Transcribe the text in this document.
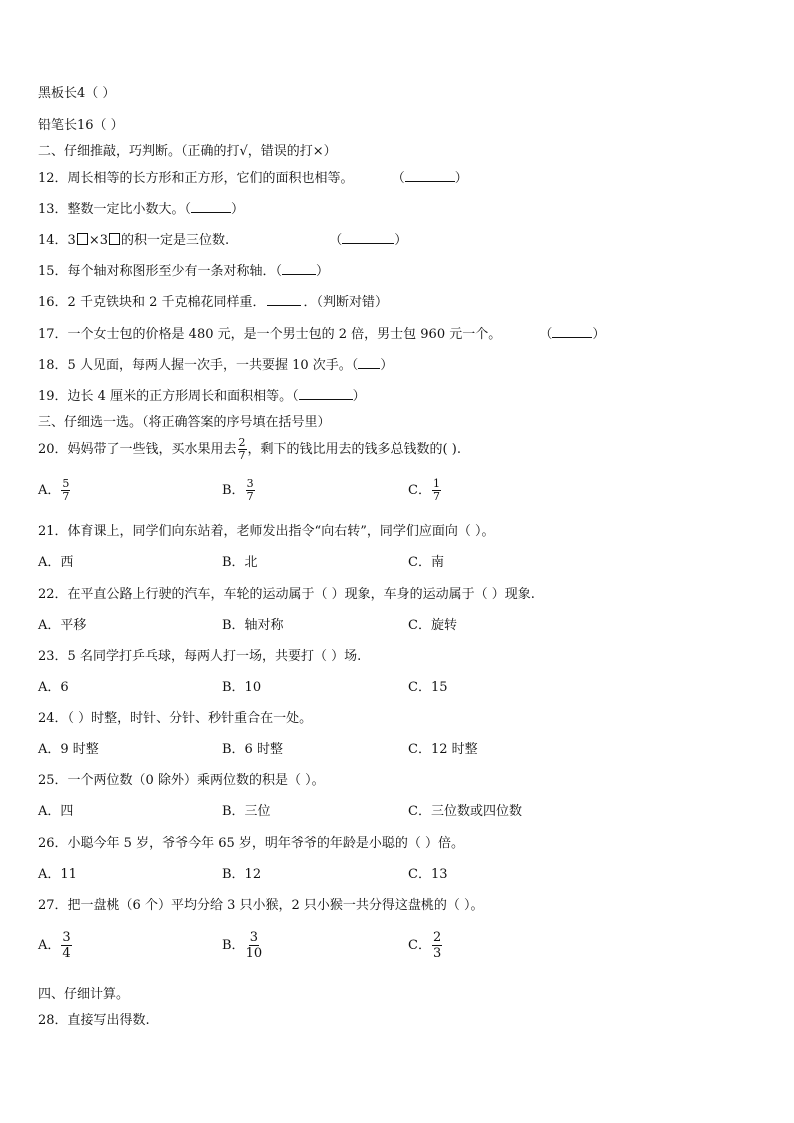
黑板长4（ ）
铅笔长16（ ）
二、仔细推敲，巧判断。（正确的打√，错误的打×）
12．周长相等的长方形和正方形，它们的面积也相等。	（	）
13．整数一定比小数大。（	）
14．3 ×3 的积一定是三位数.	（	）
15．每个轴对称图形至少有一条对称轴．（	）
16．2 千克铁块和 2 千克棉花同样重．	．（判断对错）
17．一个女士包的价格是 480 元，是一个男士包的 2 倍，男士包 960 元一个。	（	）
18．5 人见面，每两人握一次手，一共要握 10 次手。（ ）
19．边长 4 厘米的正方形周长和面积相等。（	）
三、仔细选一选。（将正确答案的序号填在括号里）
20．妈妈带了一些钱，买水果用去 $\frac{2}{7}$ ，剩下的钱比用去的钱多总钱数的( ).
A． $\frac{5}{7}$	B． $\frac{3}{7}$	C． $\frac{1}{7}$
21．体育课上，同学们向东站着，老师发出指令“向右转”，同学们应面向（ ）。
A．西	B．北	C．南
22．在平直公路上行驶的汽车，车轮的运动属于（ ）现象，车身的运动属于（ ）现象.
A．平移	B．轴对称	C．旋转
23．5 名同学打乒乓球，每两人打一场，共要打（ ）场.
A．6	B．10	C．15
24．（ ）时整，时针、分针、秒针重合在一处。
A．9 时整	B．6 时整	C．12 时整
25．一个两位数（0 除外）乘两位数的积是（ ）。
A．四	B．三位	C．三位数或四位数
26．小聪今年 5 岁，爷爷今年 65 岁，明年爷爷的年龄是小聪的（ ）倍。
A．11	B．12	C．13
27．把一盘桃（6 个）平均分给 3 只小猴，2 只小猴一共分得这盘桃的（ ）。
A． $\frac{3}{4}$	B． $\frac{3}{10}$	C． $\frac{2}{3}$
四、仔细计算。
28．直接写出得数.
